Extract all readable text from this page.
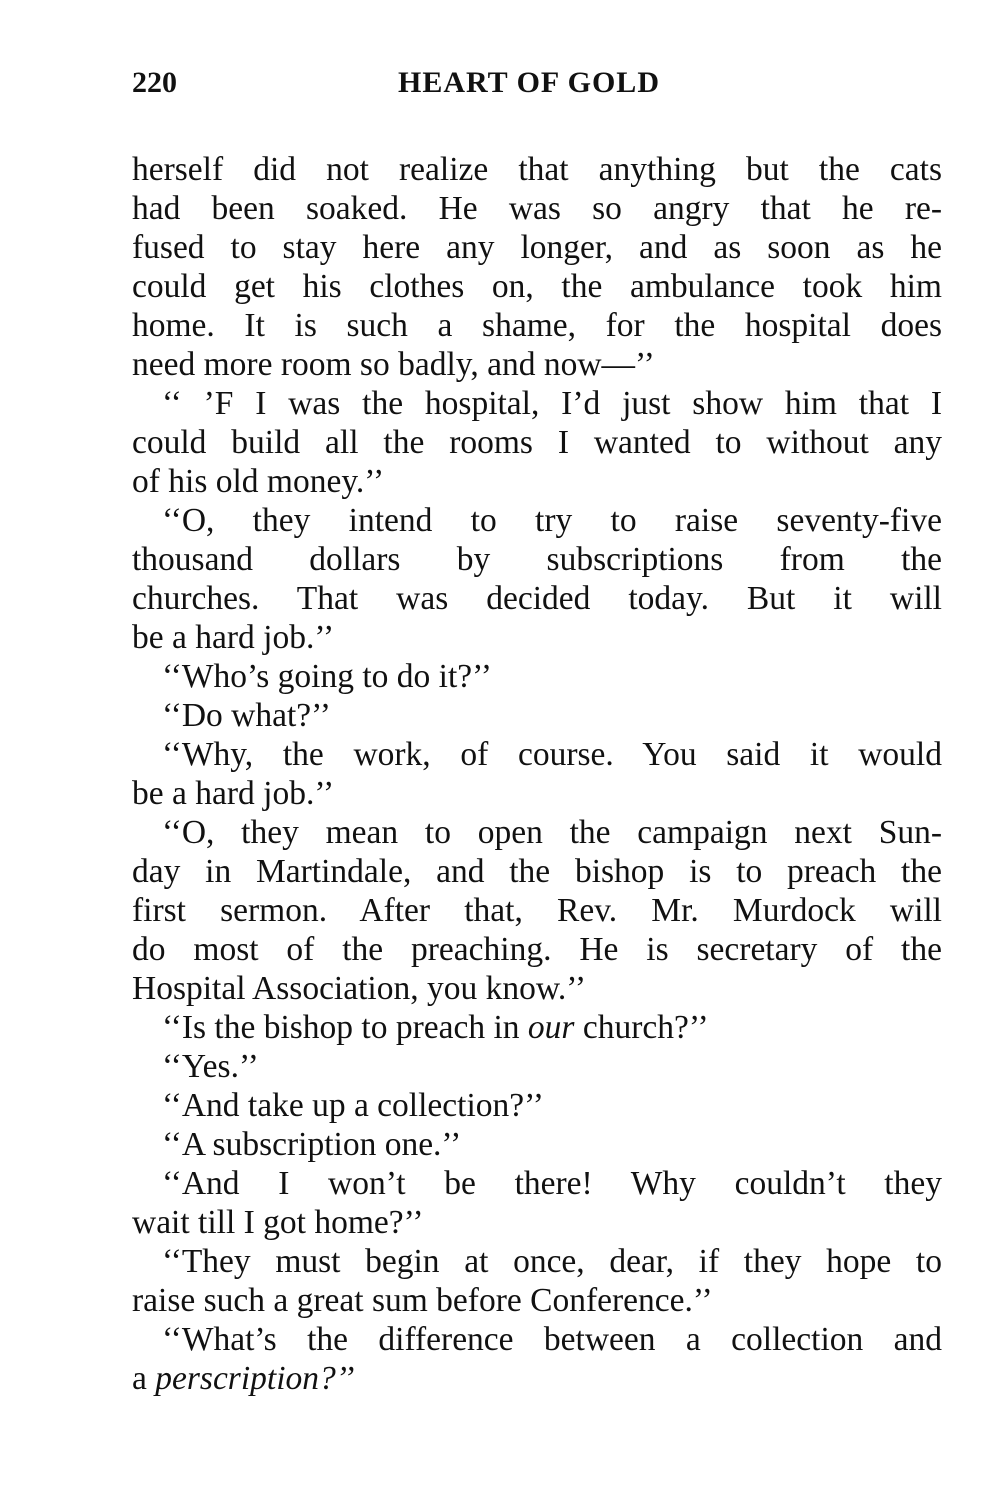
220	HEART OF GOLD
herself did not realize that anything but the cats
had been soaked. He was so angry that he re-
fused to stay here any longer, and as soon as he
could get his clothes on, the ambulance took him
home. It is such a shame, for the hospital does
need more room so badly, and now—’’
‘‘ ’F I was the hospital, I’d just show him that I
could build all the rooms I wanted to without any
of his old money.’’
‘‘O, they intend to try to raise seventy-five
thousand dollars by subscriptions from the
churches. That was decided today. But it will
be a hard job.’’
‘‘Who’s going to do it?’’
‘‘Do what?’’
‘‘Why, the work, of course. You said it would
be a hard job.’’
‘‘O, they mean to open the campaign next Sun-
day in Martindale, and the bishop is to preach the
first sermon. After that, Rev. Mr. Murdock will
do most of the preaching. He is secretary of the
Hospital Association, you know.’’
‘‘Is the bishop to preach in our church?’’
‘‘Yes.’’
‘‘And take up a collection?’’
‘‘A subscription one.’’
‘‘And I won’t be there! Why couldn’t they
wait till I got home?’’
‘‘They must begin at once, dear, if they hope to
raise such a great sum before Conference.’’
‘‘What’s the difference between a collection and
a perscription?’’
